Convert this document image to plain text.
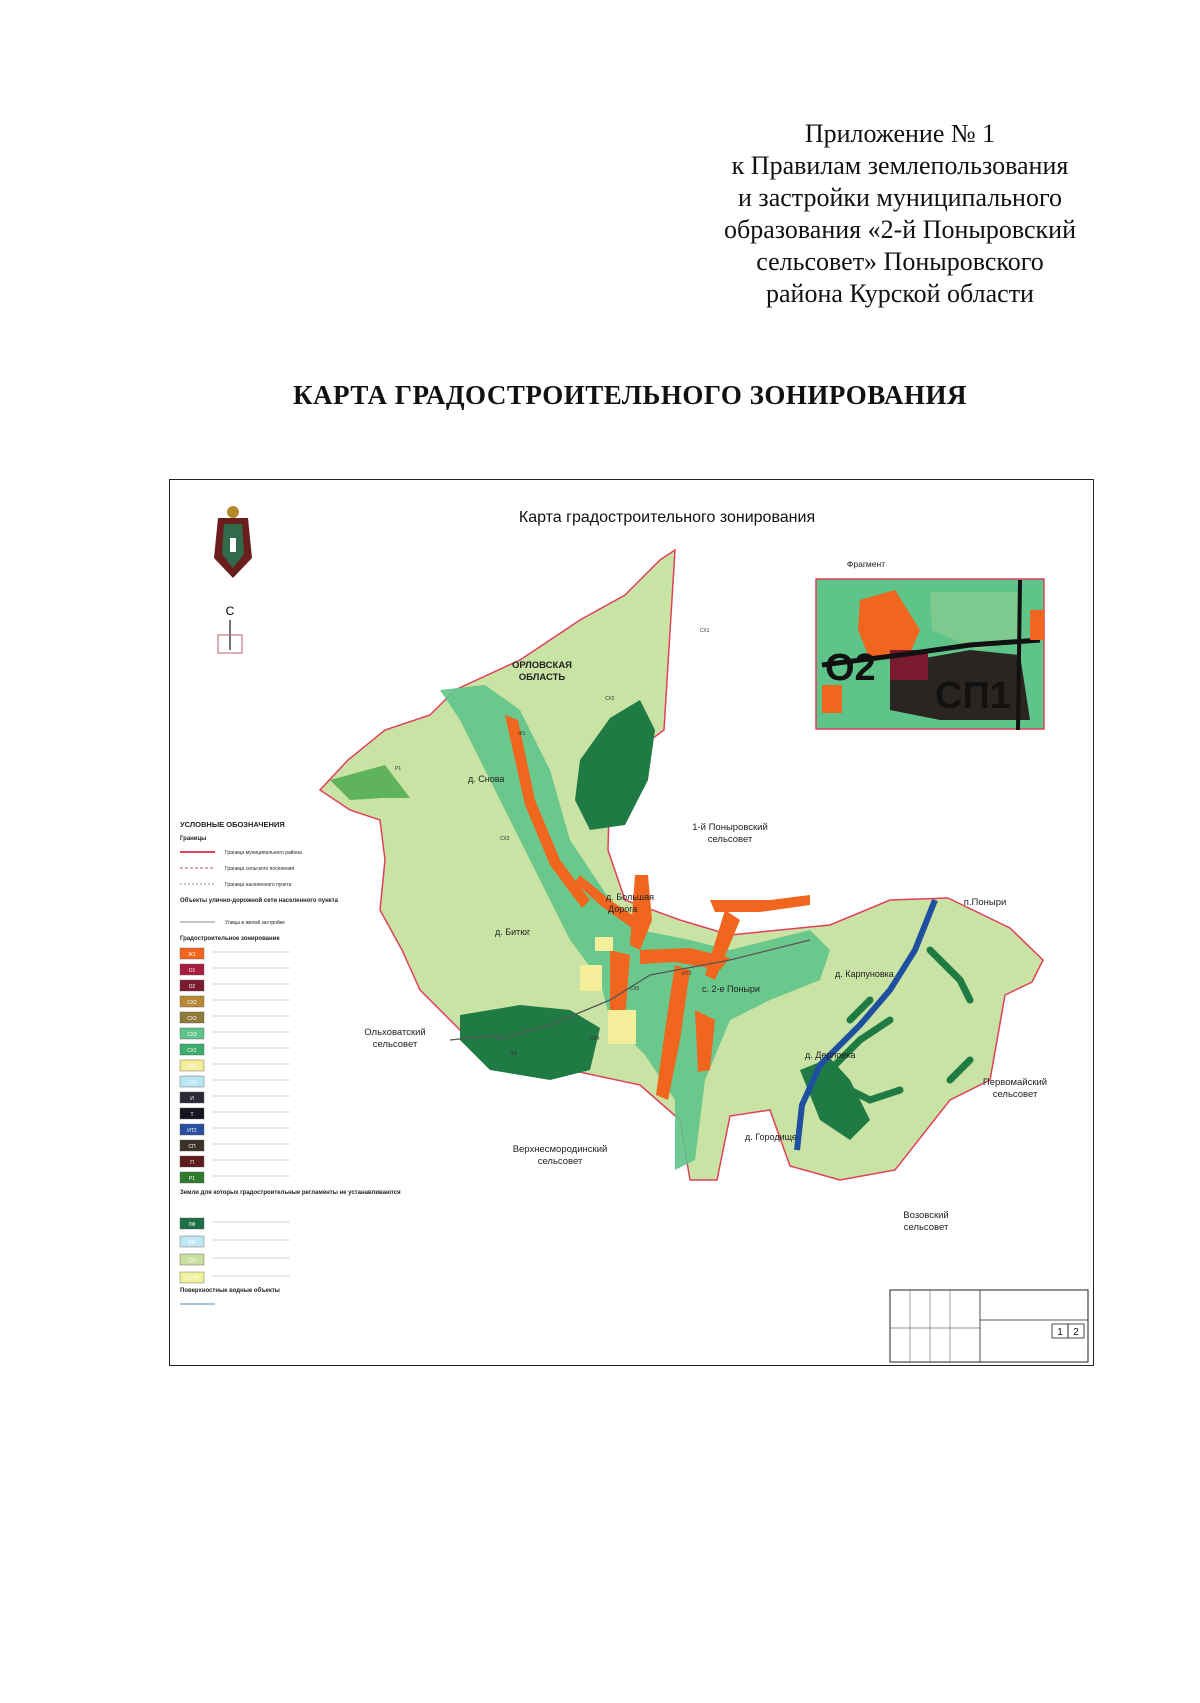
Приложение № 1
к Правилам землепользования
и застройки муниципального
образования «2-й Поныровский
сельсовет» Поныровского
района Курской области
КАРТА ГРАДОСТРОИТЕЛЬНОГО ЗОНИРОВАНИЯ
Карта градостроительного зонирования
С
ОРЛОВСКАЯ
ОБЛАСТЬ
1-й Поныровский
сельсовет
п.Поныри
Ольховатский
сельсовет
Первомайский
сельсовет
Верхнесмородинский
сельсовет
Возовский
сельсовет
д. Снова
д. Большая
Дорога
д. Битюг
с. 2-е Поныри
д. Карпуновка
д. Дерловка
д. Городище
СХ1
СХ2
СХ3
СХ4
СХ5
Ж1
Р1
ИТ2
ЛФ
Фрагмент
О2
СП1
УСЛОВНЫЕ ОБОЗНАЧЕНИЯ
Границы
Граница муниципального района
Граница сельского поселения
Граница населенного пункта
Объекты улично-дорожной сети населенного пункта
Улицы в жилой застройке
Градостроительное зонирование
Ж1
О1
О2
СХ2
СХ2
СХ3
СХ1
СХ4
СХ5
И
Т
ИТ2
СП
П
Р1
Земли для которых градостроительные регламенты не устанавливаются
ЛФ
ВФ
СХ1
ООПТ
Поверхностные водные объекты
1 2
